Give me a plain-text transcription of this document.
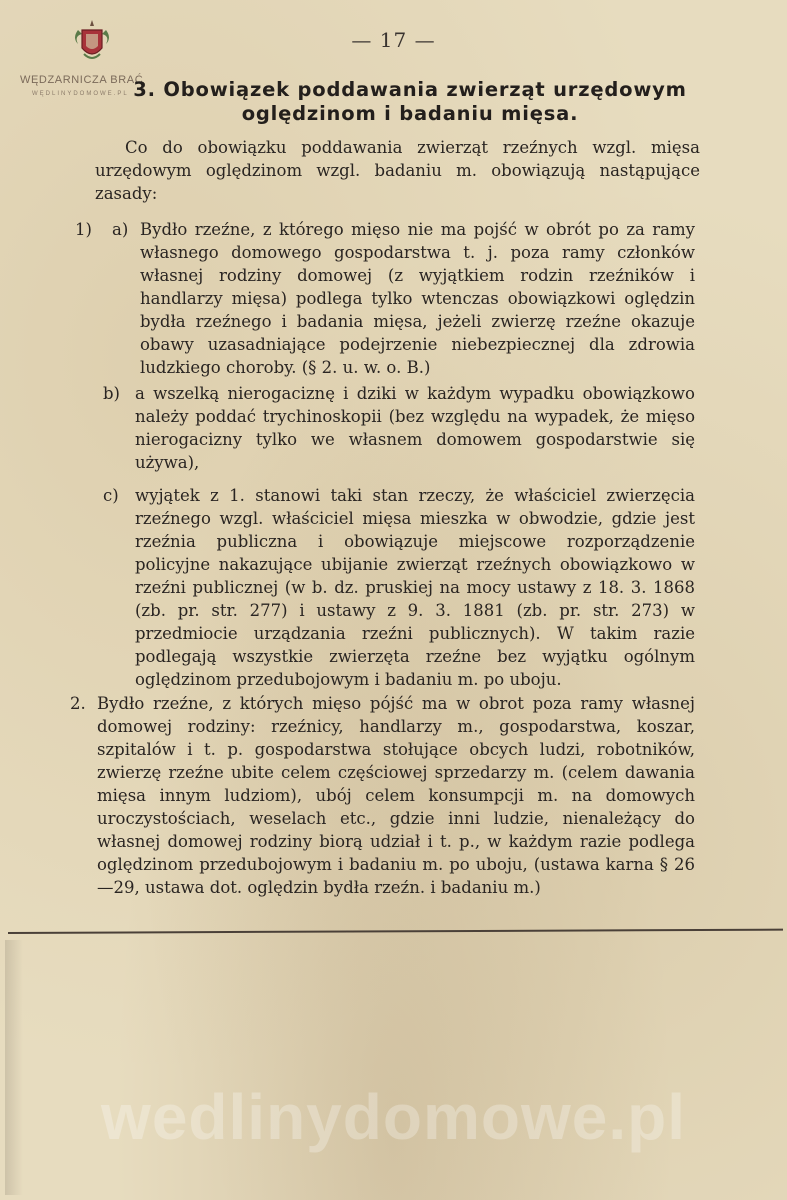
WĘDZARNICZA BRAĆ
WĘDLINYDOMOWE.PL
— 17 —
3. Obowiązek poddawania zwierząt urzędowym
oględzinom i badaniu mięsa.
Co do obowiązku poddawania zwierząt rzeźnych wzgl. mięsa urzędowym oględzinom wzgl. badaniu m. obowiązują nastąpujące zasady:
1) a) Bydło rzeźne, z którego mięso nie ma pojść w obrót po za ramy własnego domowego gospodarstwa t. j. poza ramy członków własnej rodziny domowej (z wyjątkiem rodzin rzeźników i handlarzy mięsa) podlega tylko wtenczas obowiązkowi oględzin bydła rzeźnego i badania mięsa, jeżeli zwierzę rzeźne okazuje obawy uzasadniające podejrzenie niebezpiecznej dla zdrowia ludzkiego choroby. (§ 2. u. w. o. B.)
b) a wszelką nierogaciznę i dziki w każdym wypadku obowiązkowo należy poddać trychinoskopii (bez względu na wypadek, że mięso nierogacizny tylko we własnem domowem gospodarstwie się używa),
c) wyjątek z 1. stanowi taki stan rzeczy, że właściciel zwierzęcia rzeźnego wzgl. właściciel mięsa mieszka w obwodzie, gdzie jest rzeźnia publiczna i obowiązuje miejscowe rozporządzenie policyjne nakazujące ubijanie zwierząt rzeźnych obowiązkowo w rzeźni publicznej (w b. dz. pruskiej na mocy ustawy z 18. 3. 1868 (zb. pr. str. 277) i ustawy z 9. 3. 1881 (zb. pr. str. 273) w przedmiocie urządzania rzeźni publicznych). W takim razie podlegają wszystkie zwierzęta rzeźne bez wyjątku ogólnym oględzinom przedubojowym i badaniu m. po uboju.
2. Bydło rzeźne, z których mięso pójść ma w obrot poza ramy własnej domowej rodziny: rzeźnicy, handlarzy m., gospodarstwa, koszar, szpitalów i t. p. gospodarstwa stołujące obcych ludzi, robotników, zwierzę rzeźne ubite celem częściowej sprzedarzy m. (celem dawania mięsa innym ludziom), ubój celem konsumpcji m. na domowych uroczystościach, weselach etc., gdzie inni ludzie, nienależący do własnej domowej rodziny biorą udział i t. p., w każdym razie podlega oględzinom przedubojowym i badaniu m. po uboju, (ustawa karna § 26—29, ustawa dot. oględzin bydła rzeźn. i badaniu m.)
wedlinydomowe.pl
